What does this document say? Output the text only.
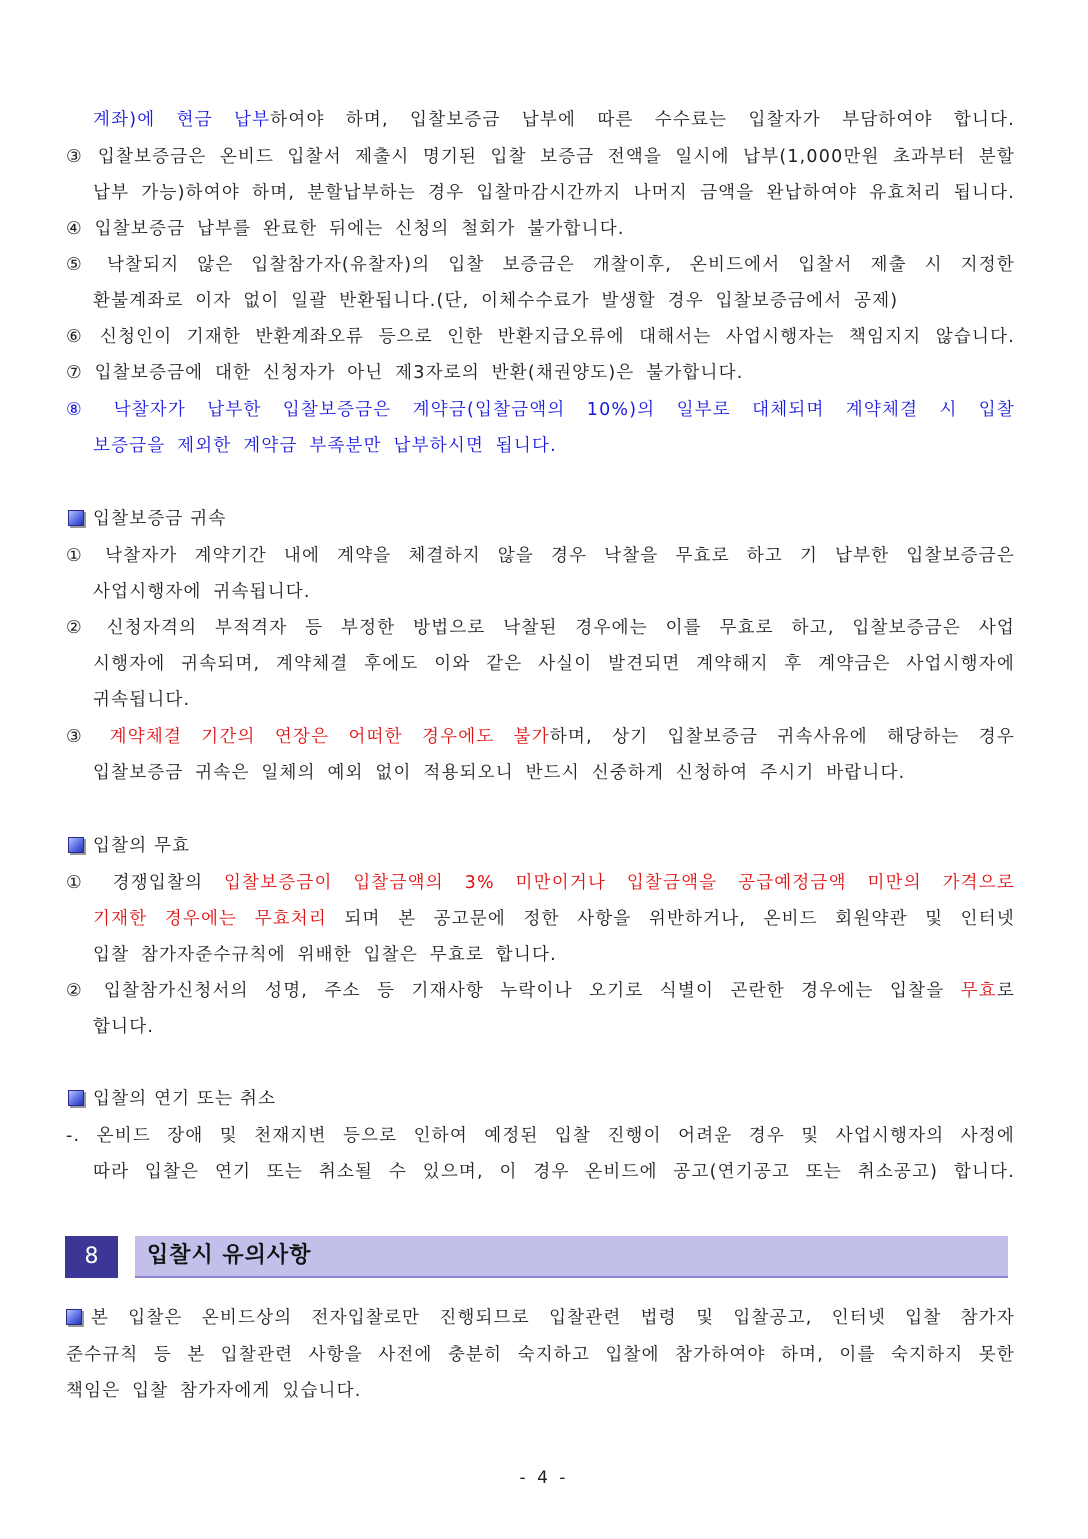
계좌)에 현금 납부하여야 하며, 입찰보증금 납부에 따른 수수료는 입찰자가 부담하여야 합니다.
③ 입찰보증금은 온비드 입찰서 제출시 명기된 입찰 보증금 전액을 일시에 납부(1,000만원 초과부터 분할
납부 가능)하여야 하며, 분할납부하는 경우 입찰마감시간까지 나머지 금액을 완납하여야 유효처리 됩니다.
④ 입찰보증금 납부를 완료한 뒤에는 신청의 철회가 불가합니다.
⑤ 낙찰되지 않은 입찰참가자(유찰자)의 입찰 보증금은 개찰이후, 온비드에서 입찰서 제출 시 지정한
환불계좌로 이자 없이 일괄 반환됩니다.(단, 이체수수료가 발생할 경우 입찰보증금에서 공제)
⑥ 신청인이 기재한 반환계좌오류 등으로 인한 반환지급오류에 대해서는 사업시행자는 책임지지 않습니다.
⑦ 입찰보증금에 대한 신청자가 아닌 제3자로의 반환(채권양도)은 불가합니다.
⑧ 낙찰자가 납부한 입찰보증금은 계약금(입찰금액의 10%)의 일부로 대체되며 계약체결 시 입찰
보증금을 제외한 계약금 부족분만 납부하시면 됩니다.
입찰보증금 귀속
① 낙찰자가 계약기간 내에 계약을 체결하지 않을 경우 낙찰을 무효로 하고 기 납부한 입찰보증금은
사업시행자에 귀속됩니다.
② 신청자격의 부적격자 등 부정한 방법으로 낙찰된 경우에는 이를 무효로 하고, 입찰보증금은 사업
시행자에 귀속되며, 계약체결 후에도 이와 같은 사실이 발견되면 계약해지 후 계약금은 사업시행자에
귀속됩니다.
③ 계약체결 기간의 연장은 어떠한 경우에도 불가하며, 상기 입찰보증금 귀속사유에 해당하는 경우
입찰보증금 귀속은 일체의 예외 없이 적용되오니 반드시 신중하게 신청하여 주시기 바랍니다.
입찰의 무효
① 경쟁입찰의 입찰보증금이 입찰금액의 3% 미만이거나 입찰금액을 공급예정금액 미만의 가격으로
기재한 경우에는 무효처리 되며 본 공고문에 정한 사항을 위반하거나, 온비드 회원약관 및 인터넷
입찰 참가자준수규칙에 위배한 입찰은 무효로 합니다.
② 입찰참가신청서의 성명, 주소 등 기재사항 누락이나 오기로 식별이 곤란한 경우에는 입찰을 무효로
합니다.
입찰의 연기 또는 취소
-. 온비드 장애 및 천재지변 등으로 인하여 예정된 입찰 진행이 어려운 경우 및 사업시행자의 사정에
따라 입찰은 연기 또는 취소될 수 있으며, 이 경우 온비드에 공고(연기공고 또는 취소공고) 합니다.
8	입찰시 유의사항
본 입찰은 온비드상의 전자입찰로만 진행되므로 입찰관련 법령 및 입찰공고, 인터넷 입찰 참가자
준수규칙 등 본 입찰관련 사항을 사전에 충분히 숙지하고 입찰에 참가하여야 하며, 이를 숙지하지 못한
책임은 입찰 참가자에게 있습니다.
- 4 -
